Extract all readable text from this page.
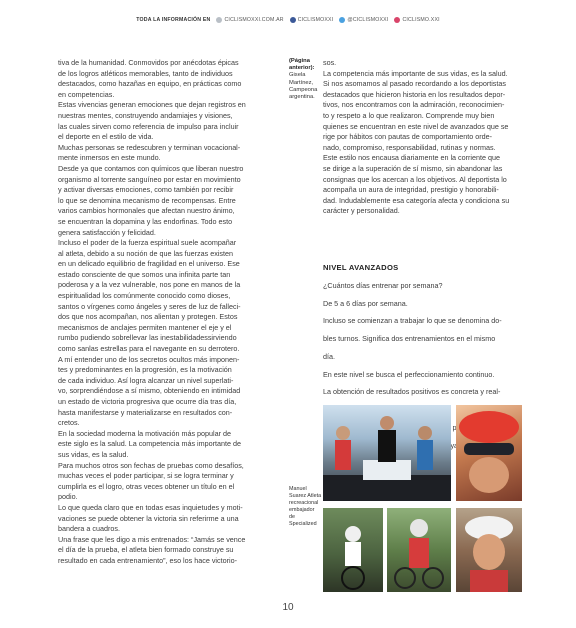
TODA LA INFORMACIÓN EN	CICLISMOXXI.COM.AR	CICLISMOXXI	@CICLISMOXXI	CICLISMO.XXI

tiva de la humanidad. Conmovidos por anécdotas épicas

de los logros atléticos memorables, tanto de individuos

destacados, como hazañas en equipo, en prácticas como

en competencias.

Estas vivencias generan emociones que dejan registros en

nuestras mentes, construyendo andamiajes y visiones,

las cuales sirven como referencia de impulso para incluir

el deporte en el estilo de vida.

Muchas personas se redescubren y terminan vocacional-

mente inmersos en este mundo.

Desde ya que contamos con químicos que liberan nuestro

organismo al torrente sanguíneo por estar en movimiento

y activar diversas emociones, como también por recibir

lo que se denomina mecanismo de recompensas. Entre

varios cambios hormonales que afectan nuestro ánimo,

se encuentran la dopamina y las endorfinas. Todo esto

genera satisfacción y felicidad.

Incluso el poder de la fuerza espiritual suele acompañar

al atleta, debido a su noción de que las fuerzas existen

en un delicado equilibrio de fragilidad en el universo. Ese

estado consciente de que somos una infinita parte tan

poderosa y a la vez vulnerable, nos pone en manos de la

espiritualidad los comúnmente conocido como dioses,

santos o vírgenes como ángeles y seres de luz de falleci-

dos que nos acompañan, nos alientan y protegen. Estos

mecanismos de anclajes permiten mantener el eje y el

rumbo pudiendo sobrellevar las inestabilidadessirviendo

como sanlas estrellas para el navegante en su derrotero.

A mí entender uno de los secretos ocultos más imponen-

tes y predominantes en la progresión, es la motivación

de cada individuo. Así logra alcanzar un nivel superlati-

vo, sorprendiéndose a sí mismo, obteniendo en intimidad

un estado de victoria progresiva que ocurre día tras día,

hasta manifestarse y materializarse en resultados con-

cretos.

En la sociedad moderna la motivación más popular de

este siglo es la salud. La competencia más importante de

sus vidas, es la salud.

Para muchos otros son fechas de pruebas como desafíos,

muchas veces el poder participar, si se logra terminar y

cumplirla es el logro, otras veces obtener un título en el

podio.

Lo que queda claro que en todas esas inquietudes y moti-

vaciones se puede obtener la victoria sin referirme a una

bandera a cuadros.

Una frase que les digo a mis entrenados: “Jamás se vence

el día de la prueba, el atleta bien formado construye su

resultado en cada entrenamiento”, eso los hace victorio-

(Página anterior):
Gisela Martínez,
Campeona argentina.

sos.

La competencia más importante de sus vidas, es la salud.

Si nos asomamos al pasado recordando a los deportistas

destacados que hicieron historia en los resultados depor-

tivos, nos encontramos con la admiración, reconocimien-

to y respeto a lo que realizaron. Comprende muy bien

quienes se encuentran en este nivel de avanzados que se

rige por hábitos con pautas de comportamiento orde-

nado, compromiso, responsabilidad, rutinas y normas.

Este estilo nos encausa diariamente en la corriente que

se dirige a la superación de sí mismo, sin abandonar las

consignas que los acercan a los objetivos. Al deportista lo

acompaña un aura de integridad, prestigio y honorabili-

dad. Indudablemente esa categoría afecta y condiciona su

carácter y personalidad.

NIVEL AVANZADOS

¿Cuántos días entrenar por semana?

De 5 a 6 días por semana.

Incluso se comienzan a trabajar lo que se denomina do-

bles turnos. Significa dos entrenamientos en el mismo

día.

En este nivel se busca el perfeccionamiento continuo.

La obtención de resultados positivos es concreta y real-

ya

Manuel Suarez Atleta
recreacional embajador
de Specialized
10
